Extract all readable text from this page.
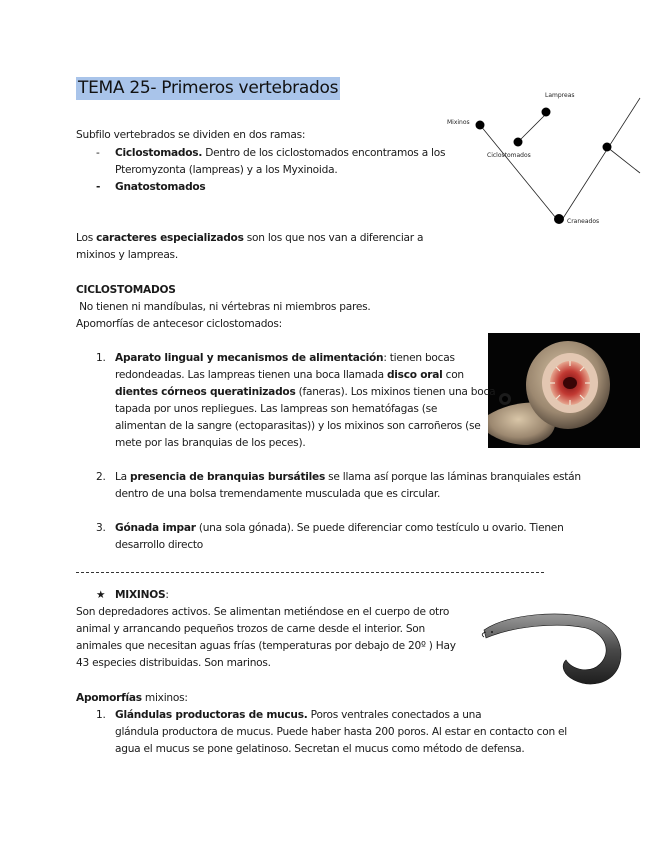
TEMA 25- Primeros vertebrados	Lampreas
Mixinos
Ciclostomados
Craneados
Subfilo vertebrados se dividen en dos ramas:
- Ciclostomados. Dentro de los ciclostomados encontramos a los
Pteromyzonta (lampreas) y a los Myxinoida.
- Gnatostomados
Los caracteres especializados son los que nos van a diferenciar a
mixinos y lampreas.
CICLOSTOMADOS
No tienen ni mandíbulas, ni vértebras ni miembros pares.
Apomorfías de antecesor ciclostomados:
1. Aparato lingual y mecanismos de alimentación: tienen bocas
redondeadas. Las lampreas tienen una boca llamada disco oral con
dientes córneos queratinizados (faneras). Los mixinos tienen una boca
tapada por unos repliegues. Las lampreas son hematófagas (se
alimentan de la sangre (ectoparasitas)) y los mixinos son carroñeros (se
mete por las branquias de los peces).
2. La presencia de branquias bursátiles se llama así porque las láminas branquiales están
dentro de una bolsa tremendamente musculada que es circular.
3. Gónada impar (una sola gónada). Se puede diferenciar como testículo u ovario. Tienen
desarrollo directo
★ MIXINOS:
Son depredadores activos. Se alimentan metiéndose en el cuerpo de otro
animal y arrancando pequeños trozos de carne desde el interior. Son
animales que necesitan aguas frías (temperaturas por debajo de 20º ) Hay
43 especies distribuidas. Son marinos.
Apomorfías mixinos:
1. Glándulas productoras de mucus. Poros ventrales conectados a una
glándula productora de mucus. Puede haber hasta 200 poros. Al estar en contacto con el
agua el mucus se pone gelatinoso. Secretan el mucus como método de defensa.
